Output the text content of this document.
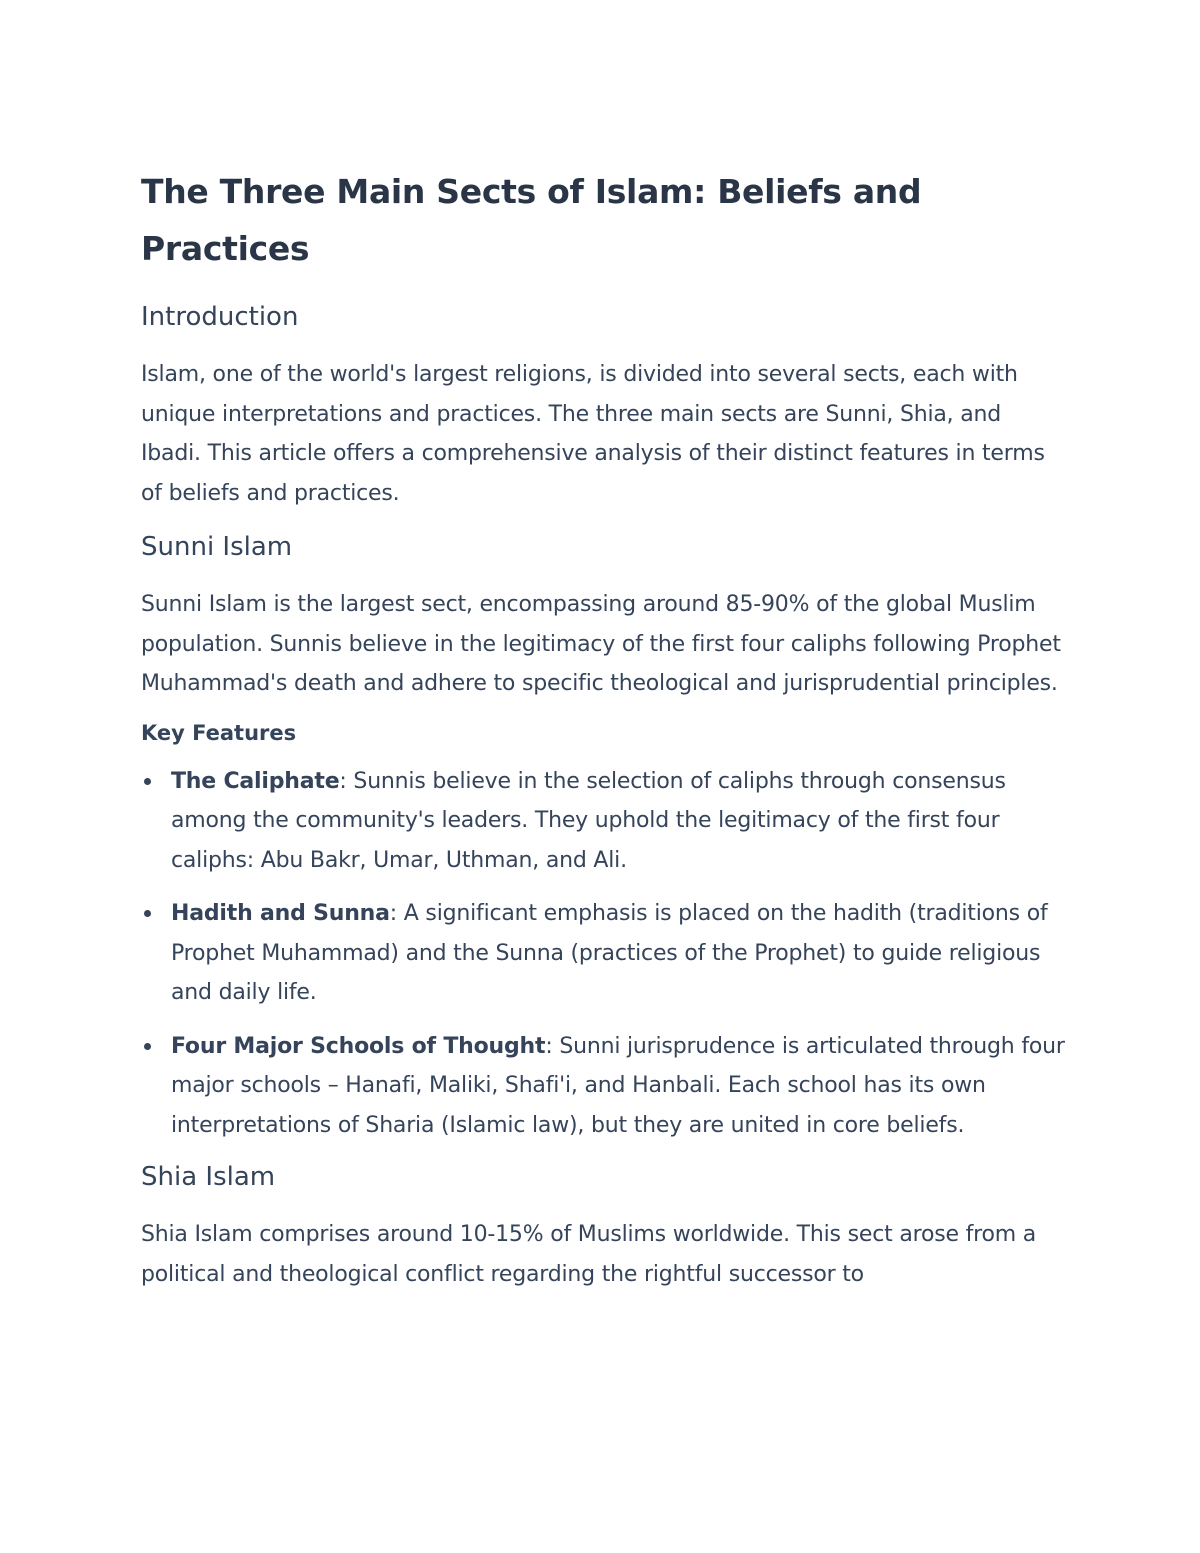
The Three Main Sects of Islam: Beliefs and Practices
Introduction

Islam, one of the world's largest religions, is divided into several sects, each with unique interpretations and practices. The three main sects are Sunni, Shia, and Ibadi. This article offers a comprehensive analysis of their distinct features in terms of beliefs and practices.

Sunni Islam

Sunni Islam is the largest sect, encompassing around 85-90% of the global Muslim population. Sunnis believe in the legitimacy of the first four caliphs following Prophet Muhammad's death and adhere to specific theological and jurisprudential principles.

Key Features
The Caliphate: Sunnis believe in the selection of caliphs through consensus among the community's leaders. They uphold the legitimacy of the first four caliphs: Abu Bakr, Umar, Uthman, and Ali.
Hadith and Sunna: A significant emphasis is placed on the hadith (traditions of Prophet Muhammad) and the Sunna (practices of the Prophet) to guide religious and daily life.
Four Major Schools of Thought: Sunni jurisprudence is articulated through four major schools – Hanafi, Maliki, Shafi'i, and Hanbali. Each school has its own interpretations of Sharia (Islamic law), but they are united in core beliefs.
Shia Islam

Shia Islam comprises around 10-15% of Muslims worldwide. This sect arose from a political and theological conflict regarding the rightful successor to
